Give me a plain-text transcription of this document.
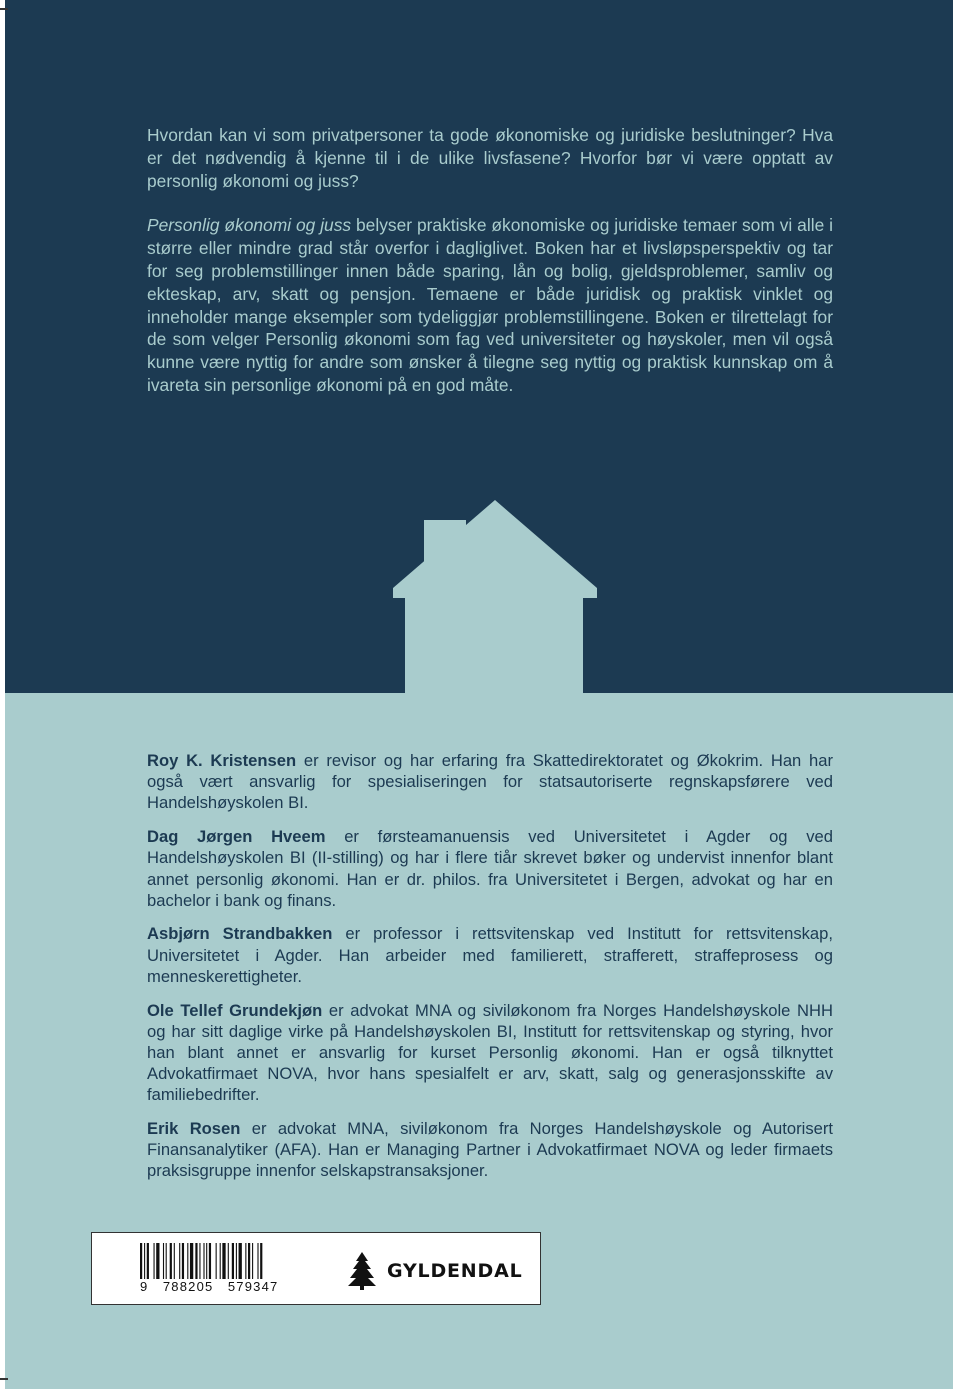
Hvordan kan vi som privatpersoner ta gode økonomiske og juridiske beslutninger? Hva er det nødvendig å kjenne til i de ulike livsfasene? Hvorfor bør vi være opptatt av personlig økonomi og juss?

Personlig økonomi og juss belyser praktiske økonomiske og juridiske temaer som vi alle i større eller mindre grad står overfor i dagliglivet. Boken har et livsløpsperspektiv og tar for seg problemstillinger innen både sparing, lån og bolig, gjeldsproblemer, samliv og ekteskap, arv, skatt og pensjon. Temaene er både juridisk og praktisk vinklet og inneholder mange eksempler som tydeliggjør problemstillingene. Boken er tilrettelagt for de som velger Personlig økonomi som fag ved universiteter og høyskoler, men vil også kunne være nyttig for andre som ønsker å tilegne seg nyttig og praktisk kunnskap om å ivareta sin personlige økonomi på en god måte.

Roy K. Kristensen er revisor og har erfaring fra Skattedirektoratet og Økokrim. Han har også vært ansvarlig for spesialiseringen for statsautoriserte regnskapsførere ved Handelshøyskolen BI.

Dag Jørgen Hveem er førsteamanuensis ved Universitetet i Agder og ved Handelshøyskolen BI (II-stilling) og har i flere tiår skrevet bøker og undervist innenfor blant annet personlig økonomi. Han er dr. philos. fra Universitetet i Bergen, advokat og har en bachelor i bank og finans.

Asbjørn Strandbakken er professor i rettsvitenskap ved Institutt for rettsvitenskap, Universitetet i Agder. Han arbeider med familierett, strafferett, straffeprosess og menneskerettigheter.

Ole Tellef Grundekjøn er advokat MNA og siviløkonom fra Norges Handelshøyskole NHH og har sitt daglige virke på Handelshøyskolen BI, Institutt for rettsvitenskap og styring, hvor han blant annet er ansvarlig for kurset Personlig økonomi. Han er også tilknyttet Advokatfirmaet NOVA, hvor hans spesialfelt er arv, skatt, salg og generasjonsskifte av familiebedrifter.

Erik Rosen er advokat MNA, siviløkonom fra Norges Handelshøyskole og Autorisert Finansanalytiker (AFA). Han er Managing Partner i Advokatfirmaet NOVA og leder firmaets praksisgruppe innenfor selskapstransaksjoner.

9   788205   579347
GYLDENDAL
